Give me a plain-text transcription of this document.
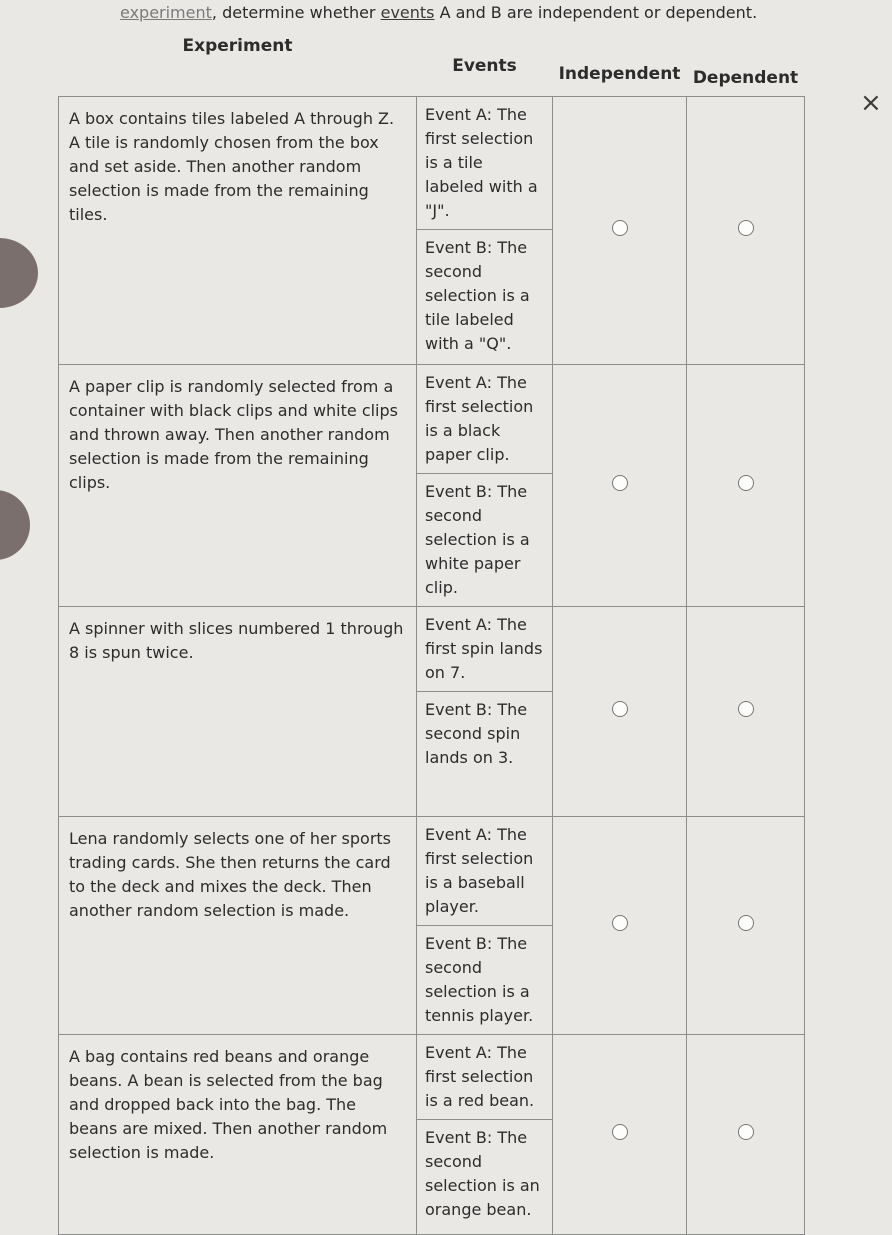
experiment, determine whether events A and B are independent or dependent.
×
Experiment	Events	Independent	Dependent
A box contains tiles labeled A through Z. A tile is randomly chosen from the box and set aside. Then another random selection is made from the remaining tiles.	Event A: The first selection is a tile labeled with a "J".
Event B: The second selection is a tile labeled with a "Q".		

A paper clip is randomly selected from a container with black clips and white clips and thrown away. Then another random selection is made from the remaining clips.	Event A: The first selection is a black paper clip.
Event B: The second selection is a white paper clip.		

A spinner with slices numbered 1 through 8 is spun twice.	Event A: The first spin lands on 7.
Event B: The second spin lands on 3.		

Lena randomly selects one of her sports trading cards. She then returns the card to the deck and mixes the deck. Then another random selection is made.	Event A: The first selection is a baseball player.
Event B: The second selection is a tennis player.		

A bag contains red beans and orange beans. A bean is selected from the bag and dropped back into the bag. The beans are mixed. Then another random selection is made.	Event A: The first selection is a red bean.
Event B: The second selection is an orange bean.		
